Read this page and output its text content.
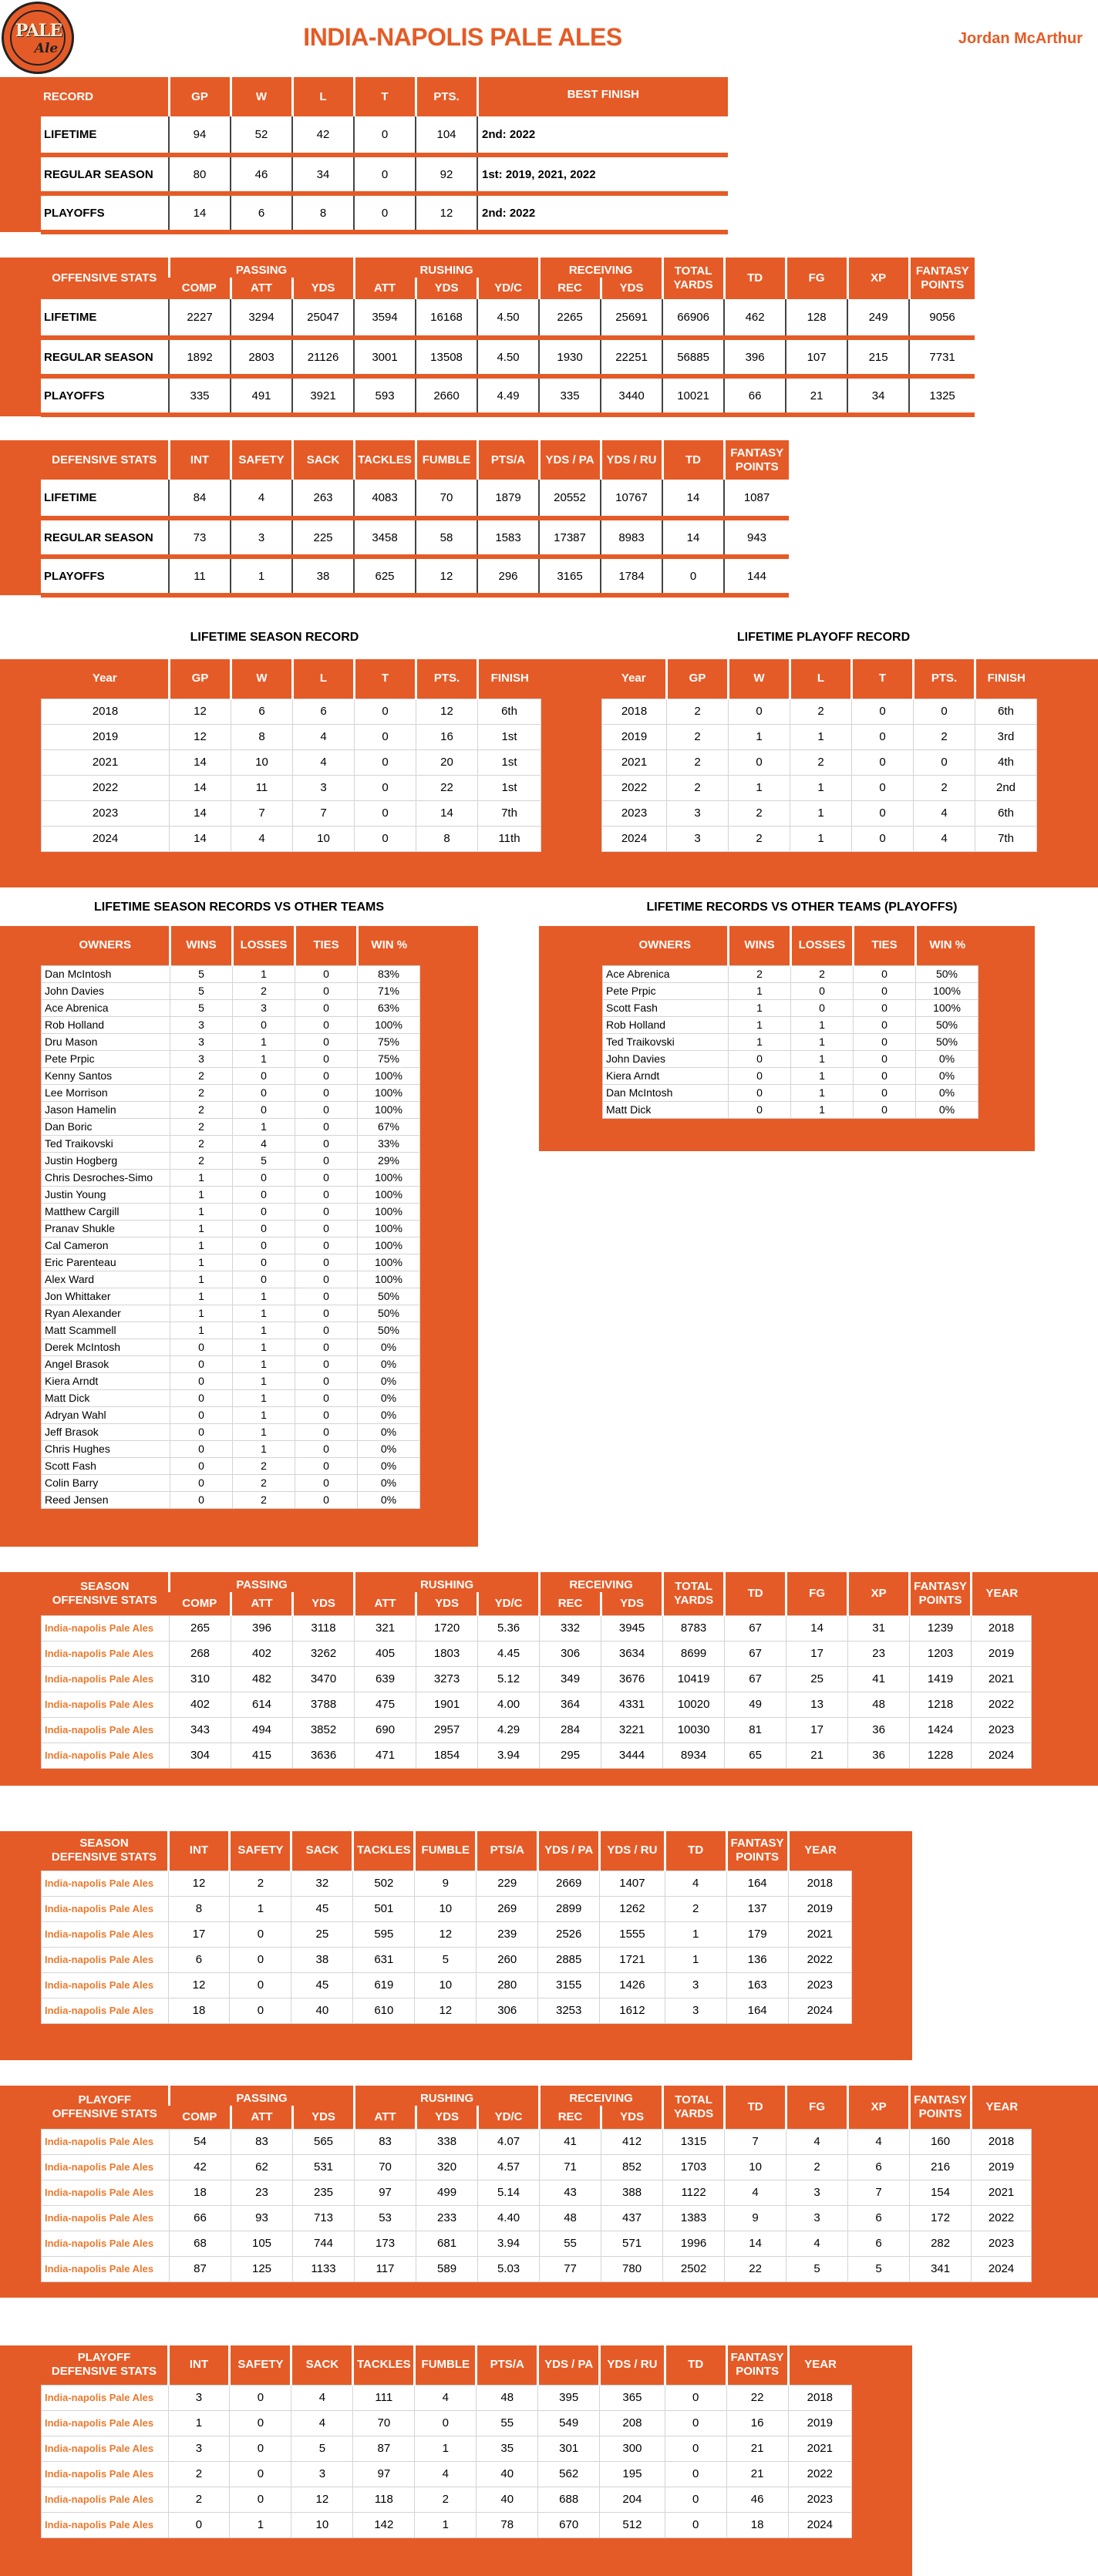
PALE
Ale	INDIA-NAPOLIS PALE ALES	Jordan McArthur
RECORD	GP	W	L	T	PTS.	BEST FINISH
LIFETIME	94	52	42	0	104	2nd: 2022
REGULAR SEASON	80	46	34	0	92	1st: 2019, 2021, 2022
PLAYOFFS	14	6	8	0	12	2nd: 2022
OFFENSIVE STATS	PASSING			RUSHING			RECEIVING		TOTAL YARDS	TD	FG	XP	FANTASY POINTS
	COMP	ATT	YDS	ATT	YDS	YD/C	REC	YDS					
LIFETIME	2227	3294	25047	3594	16168	4.50	2265	25691	66906	462	128	249	9056
REGULAR SEASON	1892	2803	21126	3001	13508	4.50	1930	22251	56885	396	107	215	7731
PLAYOFFS	335	491	3921	593	2660	4.49	335	3440	10021	66	21	34	1325
DEFENSIVE STATS	INT	SAFETY	SACK	TACKLES	FUMBLE	PTS/A	YDS / PA	YDS / RU	TD	FANTASY POINTS
LIFETIME	84	4	263	4083	70	1879	20552	10767	14	1087
REGULAR SEASON	73	3	225	3458	58	1583	17387	8983	14	943
PLAYOFFS	11	1	38	625	12	296	3165	1784	0	144
LIFETIME SEASON RECORD	LIFETIME PLAYOFF RECORD
Year	GP	W	L	T	PTS.	FINISH
2018	12	6	6	0	12	6th
2019	12	8	4	0	16	1st
2021	14	10	4	0	20	1st
2022	14	11	3	0	22	1st
2023	14	7	7	0	14	7th
2024	14	4	10	0	8	11th
Year	GP	W	L	T	PTS.	FINISH
2018	2	0	2	0	0	6th
2019	2	1	1	0	2	3rd
2021	2	0	2	0	0	4th
2022	2	1	1	0	2	2nd
2023	3	2	1	0	4	6th
2024	3	2	1	0	4	7th
LIFETIME SEASON RECORDS VS OTHER TEAMS	LIFETIME RECORDS VS OTHER TEAMS (PLAYOFFS)
OWNERS	WINS	LOSSES	TIES	WIN %
Dan McIntosh	5	1	0	83%
John Davies	5	2	0	71%
Ace Abrenica	5	3	0	63%
Rob Holland	3	0	0	100%
Dru Mason	3	1	0	75%
Pete Prpic	3	1	0	75%
Kenny Santos	2	0	0	100%
Lee Morrison	2	0	0	100%
Jason Hamelin	2	0	0	100%
Dan Boric	2	1	0	67%
Ted Traikovski	2	4	0	33%
Justin Hogberg	2	5	0	29%
Chris Desroches-Simo	1	0	0	100%
Justin Young	1	0	0	100%
Matthew Cargill	1	0	0	100%
Pranav Shukle	1	0	0	100%
Cal Cameron	1	0	0	100%
Eric Parenteau	1	0	0	100%
Alex Ward	1	0	0	100%
Jon Whittaker	1	1	0	50%
Ryan Alexander	1	1	0	50%
Matt Scammell	1	1	0	50%
Derek McIntosh	0	1	0	0%
Angel Brasok	0	1	0	0%
Kiera Arndt	0	1	0	0%
Matt Dick	0	1	0	0%
Adryan Wahl	0	1	0	0%
Jeff Brasok	0	1	0	0%
Chris Hughes	0	1	0	0%
Scott Fash	0	2	0	0%
Colin Barry	0	2	0	0%
Reed Jensen	0	2	0	0%
OWNERS	WINS	LOSSES	TIES	WIN %
Ace Abrenica	2	2	0	50%
Pete Prpic	1	0	0	100%
Scott Fash	1	0	0	100%
Rob Holland	1	1	0	50%
Ted Traikovski	1	1	0	50%
John Davies	0	1	0	0%
Kiera Arndt	0	1	0	0%
Dan McIntosh	0	1	0	0%
Matt Dick	0	1	0	0%
SEASON
OFFENSIVE STATS	PASSING			RUSHING			RECEIVING		TOTAL YARDS	TD	FG	XP	FANTASY POINTS	YEAR
	COMP	ATT	YDS	ATT	YDS	YD/C	REC	YDS						
India-napolis Pale Ales	265	396	3118	321	1720	5.36	332	3945	8783	67	14	31	1239	2018
India-napolis Pale Ales	268	402	3262	405	1803	4.45	306	3634	8699	67	17	23	1203	2019
India-napolis Pale Ales	310	482	3470	639	3273	5.12	349	3676	10419	67	25	41	1419	2021
India-napolis Pale Ales	402	614	3788	475	1901	4.00	364	4331	10020	49	13	48	1218	2022
India-napolis Pale Ales	343	494	3852	690	2957	4.29	284	3221	10030	81	17	36	1424	2023
India-napolis Pale Ales	304	415	3636	471	1854	3.94	295	3444	8934	65	21	36	1228	2024
SEASON
DEFENSIVE STATS	INT	SAFETY	SACK	TACKLES	FUMBLE	PTS/A	YDS / PA	YDS / RU	TD	FANTASY POINTS	YEAR
India-napolis Pale Ales	12	2	32	502	9	229	2669	1407	4	164	2018
India-napolis Pale Ales	8	1	45	501	10	269	2899	1262	2	137	2019
India-napolis Pale Ales	17	0	25	595	12	239	2526	1555	1	179	2021
India-napolis Pale Ales	6	0	38	631	5	260	2885	1721	1	136	2022
India-napolis Pale Ales	12	0	45	619	10	280	3155	1426	3	163	2023
India-napolis Pale Ales	18	0	40	610	12	306	3253	1612	3	164	2024
PLAYOFF
OFFENSIVE STATS	PASSING			RUSHING			RECEIVING		TOTAL YARDS	TD	FG	XP	FANTASY POINTS	YEAR
	COMP	ATT	YDS	ATT	YDS	YD/C	REC	YDS						
India-napolis Pale Ales	54	83	565	83	338	4.07	41	412	1315	7	4	4	160	2018
India-napolis Pale Ales	42	62	531	70	320	4.57	71	852	1703	10	2	6	216	2019
India-napolis Pale Ales	18	23	235	97	499	5.14	43	388	1122	4	3	7	154	2021
India-napolis Pale Ales	66	93	713	53	233	4.40	48	437	1383	9	3	6	172	2022
India-napolis Pale Ales	68	105	744	173	681	3.94	55	571	1996	14	4	6	282	2023
India-napolis Pale Ales	87	125	1133	117	589	5.03	77	780	2502	22	5	5	341	2024
PLAYOFF
DEFENSIVE STATS	INT	SAFETY	SACK	TACKLES	FUMBLE	PTS/A	YDS / PA	YDS / RU	TD	FANTASY POINTS	YEAR
India-napolis Pale Ales	3	0	4	111	4	48	395	365	0	22	2018
India-napolis Pale Ales	1	0	4	70	0	55	549	208	0	16	2019
India-napolis Pale Ales	3	0	5	87	1	35	301	300	0	21	2021
India-napolis Pale Ales	2	0	3	97	4	40	562	195	0	21	2022
India-napolis Pale Ales	2	0	12	118	2	40	688	204	0	46	2023
India-napolis Pale Ales	0	1	10	142	1	78	670	512	0	18	2024
